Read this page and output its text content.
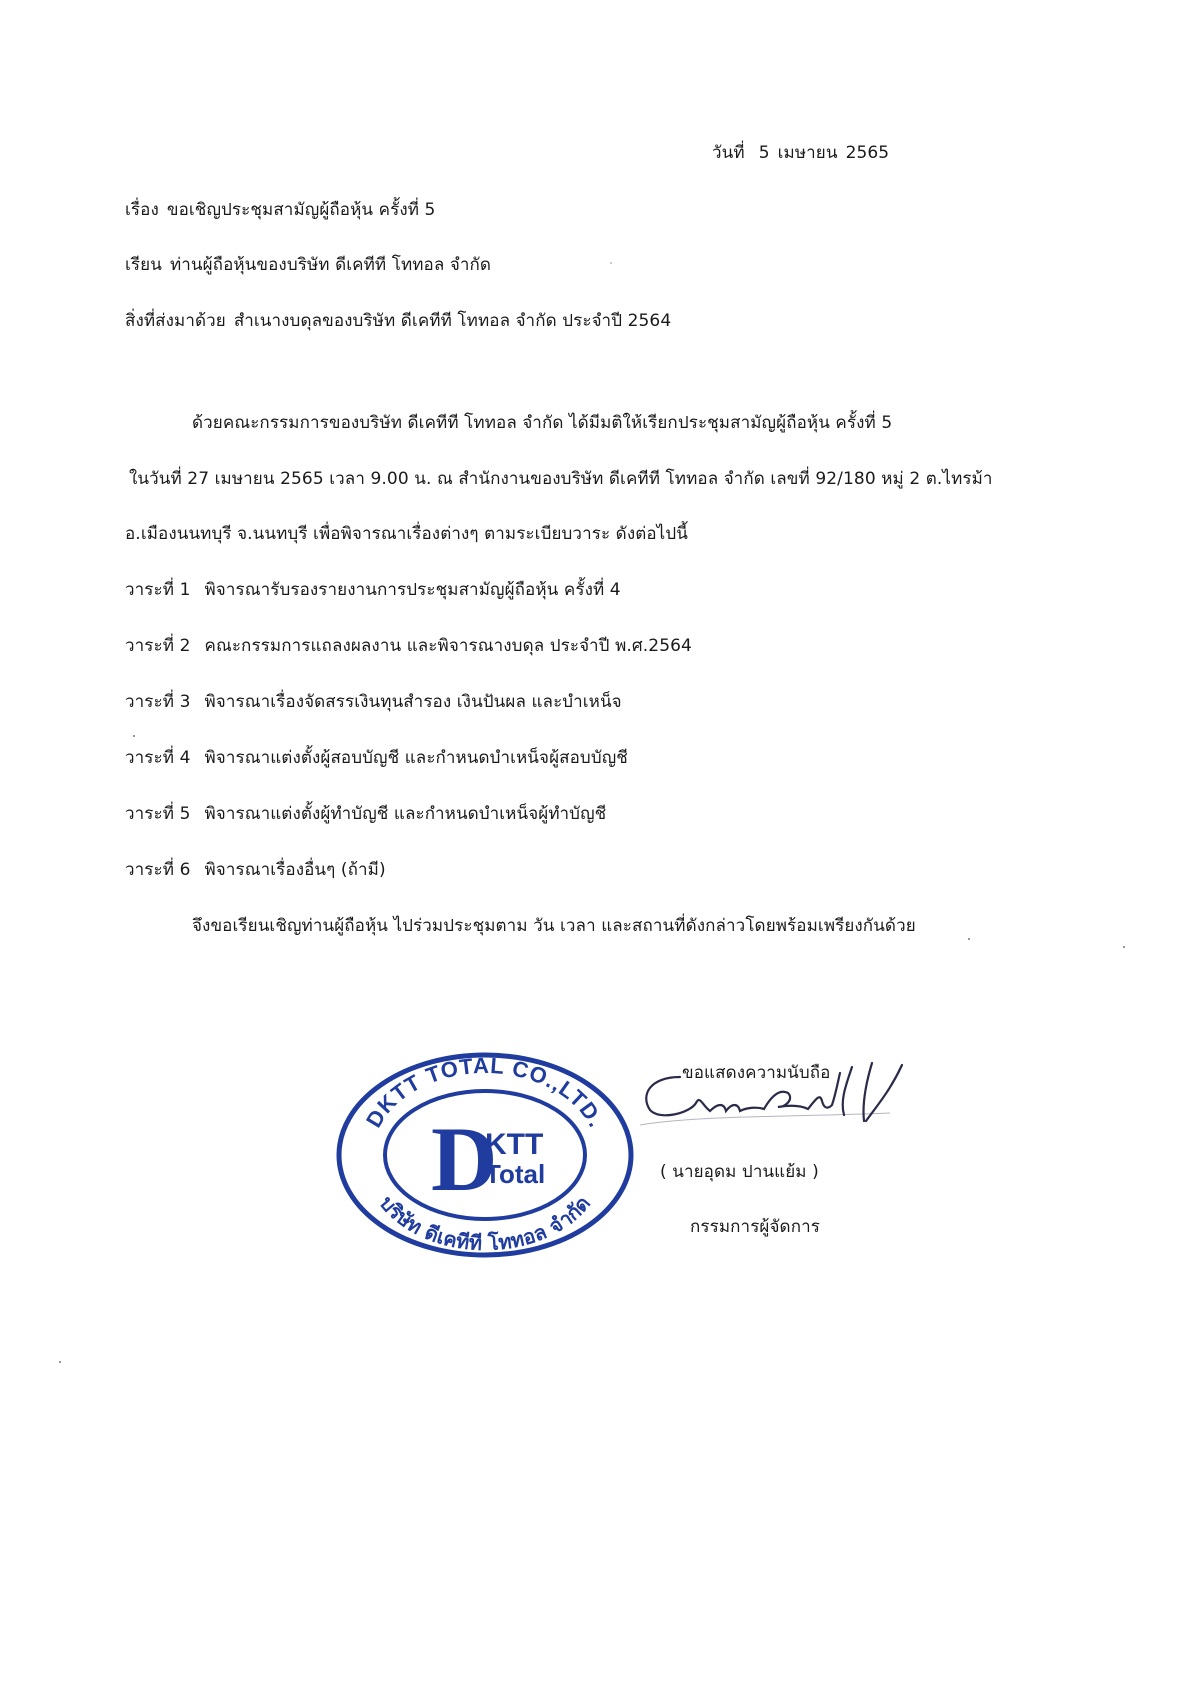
วันที่ 5 เมษายน 2565
เรื่อง ขอเชิญประชุมสามัญผู้ถือหุ้น ครั้งที่ 5
เรียน ท่านผู้ถือหุ้นของบริษัท ดีเคทีที โททอล จำกัด
สิ่งที่ส่งมาด้วย สำเนางบดุลของบริษัท ดีเคทีที โททอล จำกัด ประจำปี 2564
ด้วยคณะกรรมการของบริษัท ดีเคทีที โททอล จำกัด ได้มีมติให้เรียกประชุมสามัญผู้ถือหุ้น ครั้งที่ 5
ในวันที่ 27 เมษายน 2565 เวลา 9.00 น. ณ สำนักงานของบริษัท ดีเคทีที โททอล จำกัด เลขที่ 92/180 หมู่ 2 ต.ไทรม้า
อ.เมืองนนทบุรี จ.นนทบุรี เพื่อพิจารณาเรื่องต่างๆ ตามระเบียบวาระ ดังต่อไปนี้
วาระที่ 1 พิจารณารับรองรายงานการประชุมสามัญผู้ถือหุ้น ครั้งที่ 4
วาระที่ 2 คณะกรรมการแถลงผลงาน และพิจารณางบดุล ประจำปี พ.ศ.2564
วาระที่ 3 พิจารณาเรื่องจัดสรรเงินทุนสำรอง เงินปันผล และบำเหน็จ
วาระที่ 4 พิจารณาแต่งตั้งผู้สอบบัญชี และกำหนดบำเหน็จผู้สอบบัญชี
วาระที่ 5 พิจารณาแต่งตั้งผู้ทำบัญชี และกำหนดบำเหน็จผู้ทำบัญชี
วาระที่ 6 พิจารณาเรื่องอื่นๆ (ถ้ามี)
จึงขอเรียนเชิญท่านผู้ถือหุ้น ไปร่วมประชุมตาม วัน เวลา และสถานที่ดังกล่าวโดยพร้อมเพรียงกันด้วย
DKTT TOTAL CO.,LTD.
บริษัท ดีเคทีที โททอล จำกัด
D
KTT
Total
ขอแสดงความนับถือ
( นายอุดม ปานแย้ม )
กรรมการผู้จัดการ
